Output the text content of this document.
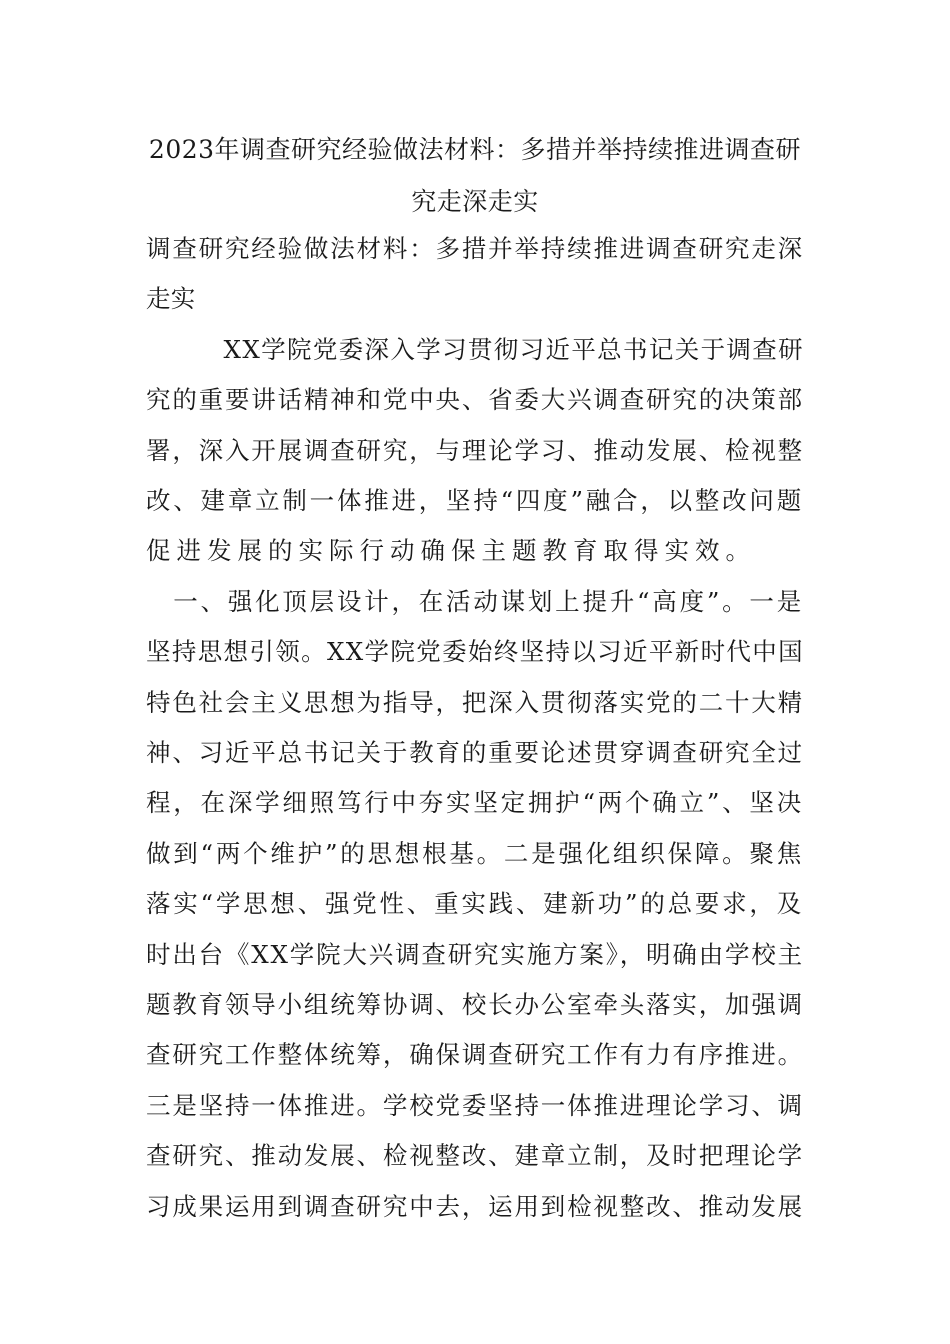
2023年调查研究经验做法材料：多措并举持续推进调查研
究走深走实
调查研究经验做法材料：多措并举持续推进调查研究走深
走实
　　　XX学院党委深入学习贯彻习近平总书记关于调查研
究的重要讲话精神和党中央、省委大兴调查研究的决策部
署，深入开展调查研究，与理论学习、推动发展、检视整
改、建章立制一体推进，坚持“四度”融合，以整改问题
促进发展的实际行动确保主题教育取得实效。
　一、强化顶层设计，在活动谋划上提升“高度”。一是
坚持思想引领。XX学院党委始终坚持以习近平新时代中国
特色社会主义思想为指导，把深入贯彻落实党的二十大精
神、习近平总书记关于教育的重要论述贯穿调查研究全过
程，在深学细照笃行中夯实坚定拥护“两个确立”、坚决
做到“两个维护”的思想根基。二是强化组织保障。聚焦
落实“学思想、强党性、重实践、建新功”的总要求，及
时出台《XX学院大兴调查研究实施方案》，明确由学校主
题教育领导小组统筹协调、校长办公室牵头落实，加强调
查研究工作整体统筹，确保调查研究工作有力有序推进。
三是坚持一体推进。学校党委坚持一体推进理论学习、调
查研究、推动发展、检视整改、建章立制，及时把理论学
习成果运用到调查研究中去，运用到检视整改、推动发展
